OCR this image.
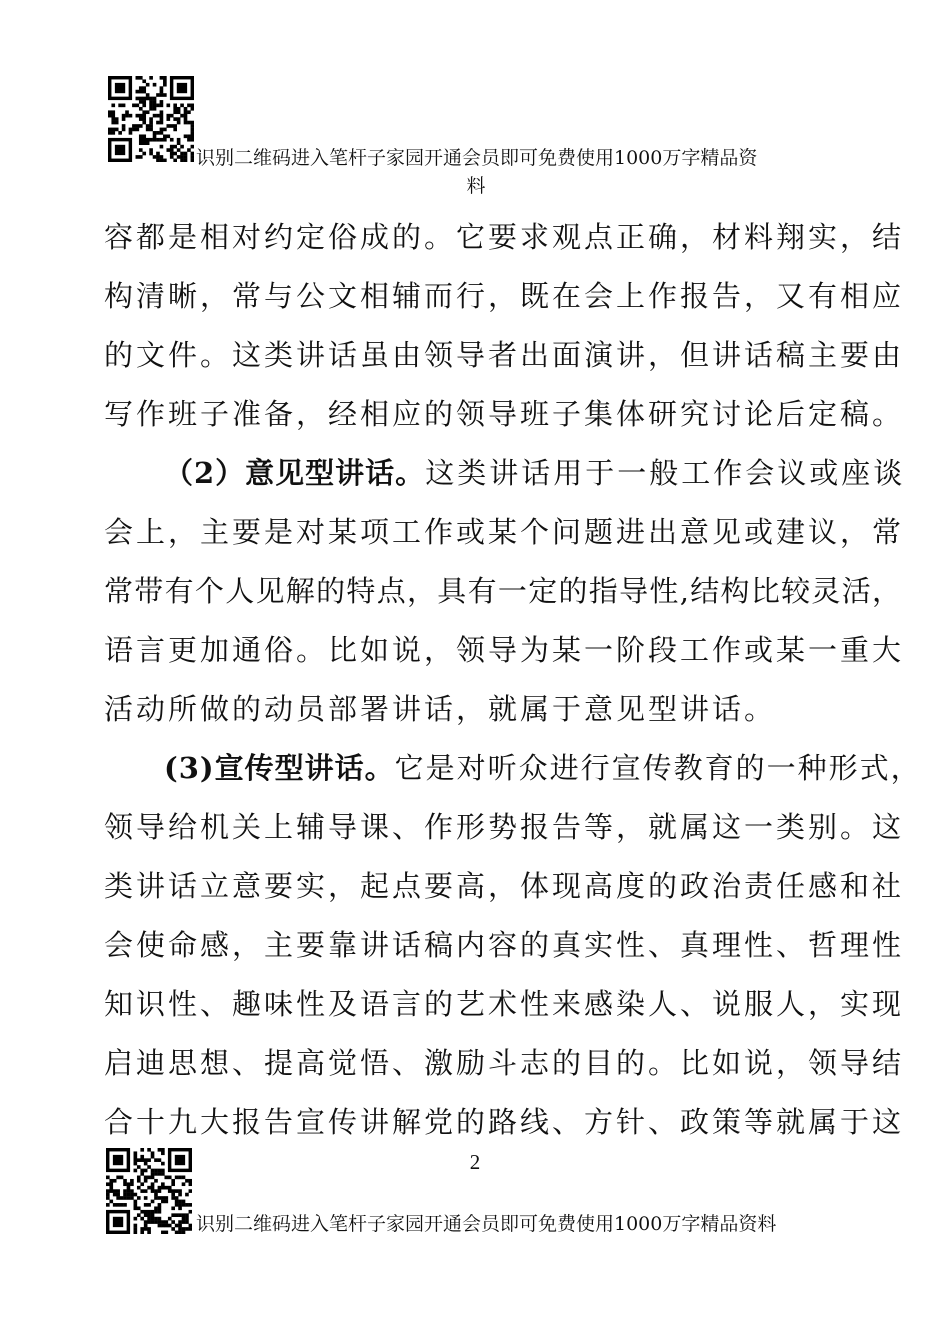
识别二维码进入笔杆子家园开通会员即可免费使用1000万字精品资

料
容都是相对约定俗成的。它要求观点正确，材料翔实，结
构清晰，常与公文相辅而行，既在会上作报告，又有相应
的文件。这类讲话虽由领导者出面演讲，但讲话稿主要由
写作班子准备，经相应的领导班子集体研究讨论后定稿。
（2）意见型讲话。这类讲话用于一般工作会议或座谈
会上，主要是对某项工作或某个问题进出意见或建议，常
常带有个人见解的特点，具有一定的指导性,结构比较灵活，
语言更加通俗。比如说，领导为某一阶段工作或某一重大
活动所做的动员部署讲话，就属于意见型讲话。
(3)宣传型讲话。它是对听众进行宣传教育的一种形式，
领导给机关上辅导课、作形势报告等，就属这一类别。这
类讲话立意要实，起点要高，体现高度的政治责任感和社
会使命感，主要靠讲话稿内容的真实性、真理性、哲理性
知识性、趣味性及语言的艺术性来感染人、说服人，实现
启迪思想、提高觉悟、激励斗志的目的。比如说，领导结
合十九大报告宣传讲解党的路线、方针、政策等就属于这
2
识别二维码进入笔杆子家园开通会员即可免费使用1000万字精品资料
